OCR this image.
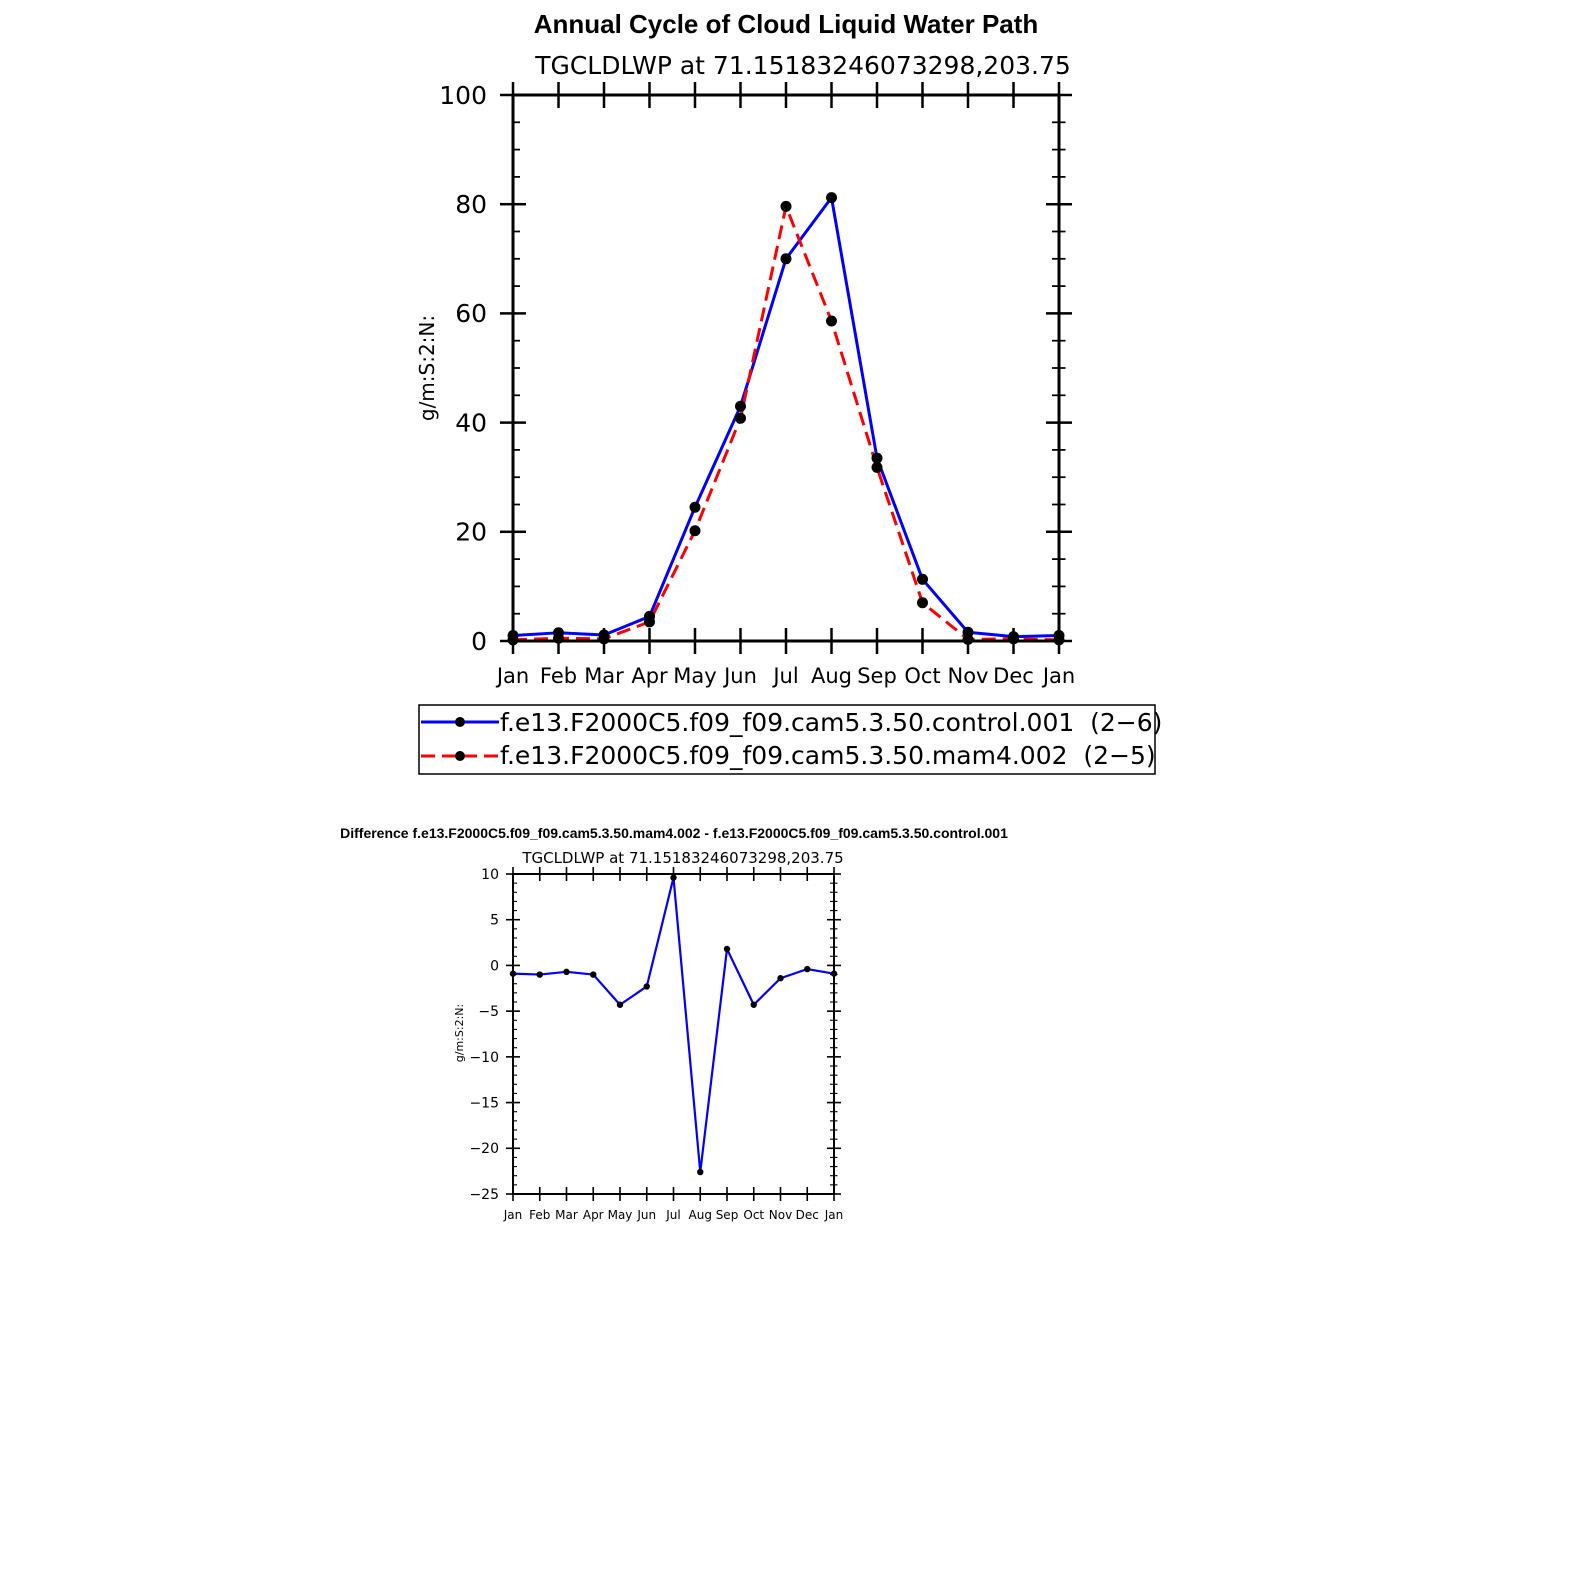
Annual Cycle of Cloud Liquid Water Path
TGCLDLWP at 71.15183246073298,203.75
g/m:S:2:N:
0
20
40
60
80
100
Jan Feb Mar Apr May Jun Jul Aug Sep Oct Nov Dec Jan
f.e13.F2000C5.f09_f09.cam5.3.50.control.001  (2−6)
f.e13.F2000C5.f09_f09.cam5.3.50.mam4.002  (2−5)
Difference f.e13.F2000C5.f09_f09.cam5.3.50.mam4.002 - f.e13.F2000C5.f09_f09.cam5.3.50.control.001
TGCLDLWP at 71.15183246073298,203.75
g/m:S:2:N:
−25
−20
−15
−10
−5
0
5
10
Jan Feb Mar Apr May Jun Jul Aug Sep Oct Nov Dec Jan
